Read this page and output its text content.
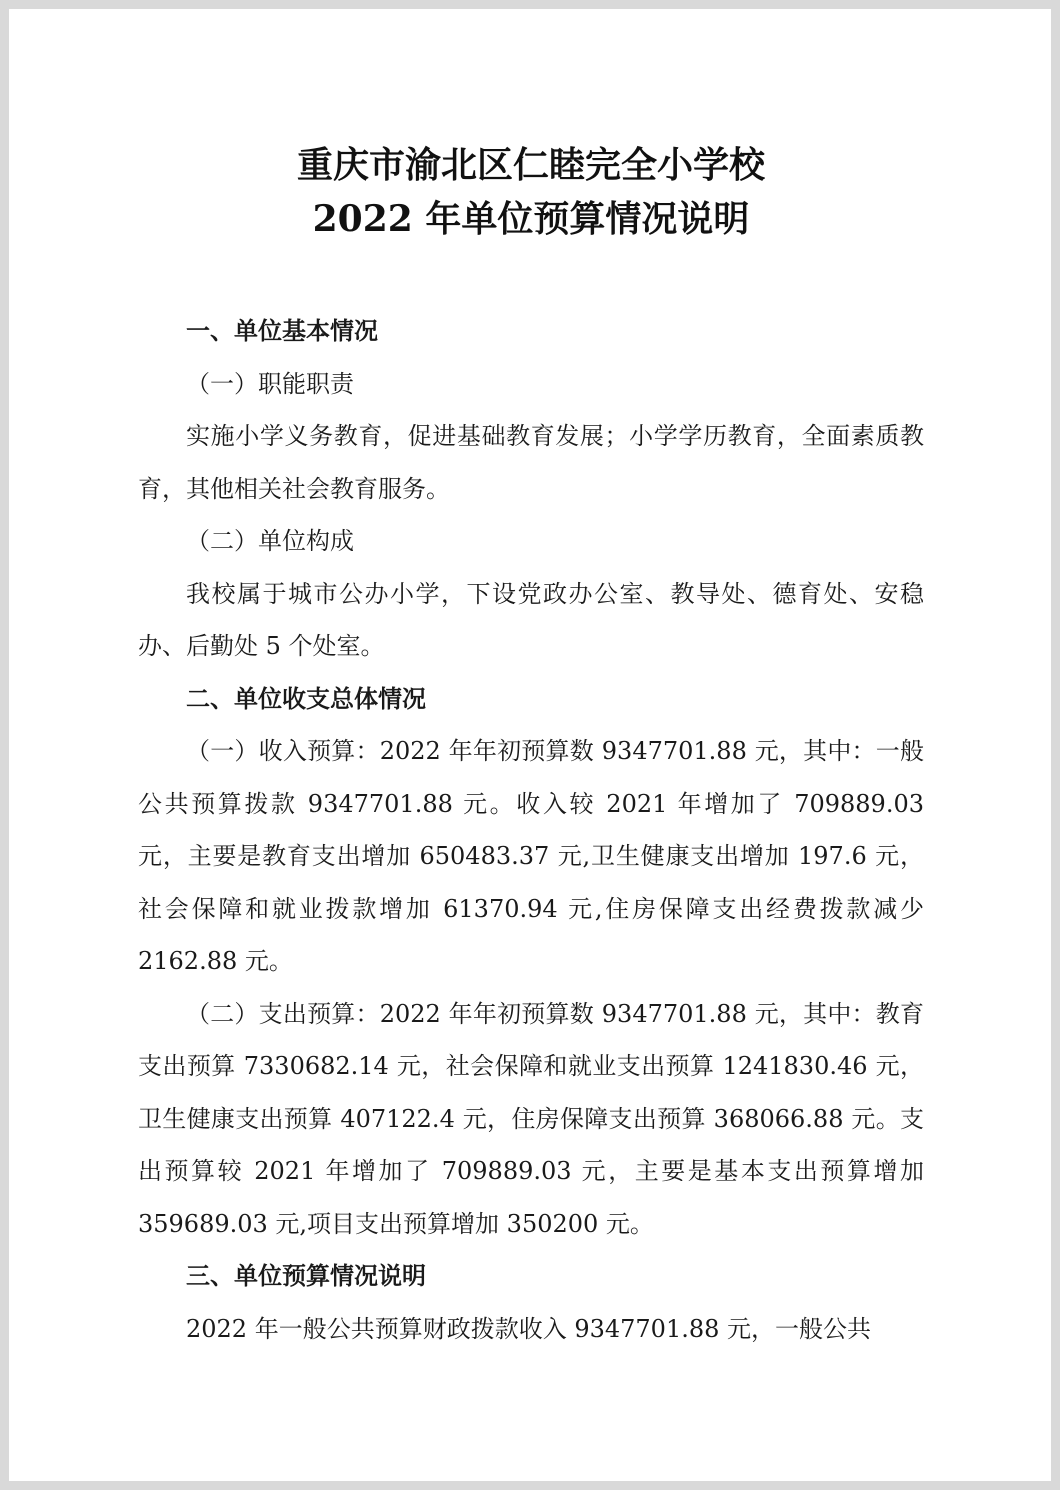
重庆市渝北区仁睦完全小学校
2022 年单位预算情况说明

一、单位基本情况

（一）职能职责

实施小学义务教育，促进基础教育发展；小学学历教育，全面素质教育，其他相关社会教育服务。

（二）单位构成

我校属于城市公办小学，下设党政办公室、教导处、德育处、安稳办、后勤处 5 个处室。

二、单位收支总体情况

（一）收入预算：2022 年年初预算数 9347701.88 元，其中：一般公共预算拨款 9347701.88 元。收入较 2021 年增加了 709889.03 元，主要是教育支出增加 650483.37 元,卫生健康支出增加 197.6 元，社会保障和就业拨款增加 61370.94 元,住房保障支出经费拨款减少 2162.88 元。

（二）支出预算：2022 年年初预算数 9347701.88 元，其中：教育支出预算 7330682.14 元，社会保障和就业支出预算 1241830.46 元，卫生健康支出预算 407122.4 元，住房保障支出预算 368066.88 元。支出预算较 2021 年增加了 709889.03 元，主要是基本支出预算增加 359689.03 元,项目支出预算增加 350200 元。

三、单位预算情况说明

2022 年一般公共预算财政拨款收入 9347701.88 元，一般公共
